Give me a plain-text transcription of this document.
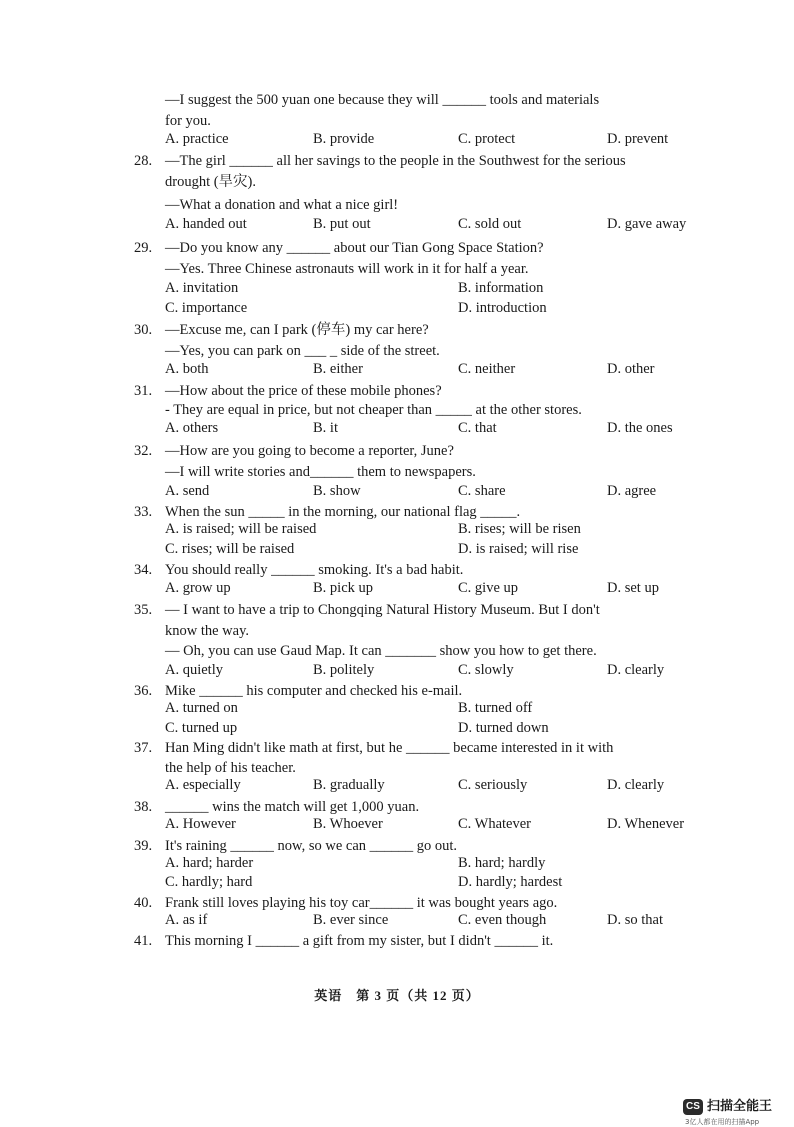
—I suggest the 500 yuan one because they will ______ tools and materials
for you.
A. practice	B. provide	C. protect	D. prevent
28. —The girl ______ all her savings to the people in the Southwest for the serious
drought (旱灾).
—What a donation and what a nice girl!
A. handed out	B. put out	C. sold out	D. gave away
29. —Do you know any ______ about our Tian Gong Space Station?
—Yes. Three Chinese astronauts will work in it for half a year.
A. invitation	B. information
C. importance	D. introduction
30. —Excuse me, can I park (停车) my car here?
—Yes, you can park on ___ _ side of the street.
A. both	B. either	C. neither	D. other
31. —How about the price of these mobile phones?
- They are equal in price, but not cheaper than _____ at the other stores.
A. others	B. it	C. that	D. the ones
32. —How are you going to become a reporter, June?
—I will write stories and______ them to newspapers.
A. send	B. show	C. share	D. agree
33. When the sun _____ in the morning, our national flag _____.
A. is raised; will be raised	B. rises; will be risen
C. rises; will be raised	D. is raised; will rise
34. You should really ______ smoking. It's a bad habit.
A. grow up	B. pick up	C. give up	D. set up
35. — I want to have a trip to Chongqing Natural History Museum. But I don't
know the way.
— Oh, you can use Gaud Map. It can _______ show you how to get there.
A. quietly	B. politely	C. slowly	D. clearly
36. Mike ______ his computer and checked his e-mail.
A. turned on	B. turned off
C. turned up	D. turned down
37. Han Ming didn't like math at first, but he ______ became interested in it with
the help of his teacher.
A. especially	B. gradually	C. seriously	D. clearly
38. ______ wins the match will get 1,000 yuan.
A. However	B. Whoever	C. Whatever	D. Whenever
39. It's raining ______ now, so we can ______ go out.
A. hard; harder	B. hard; hardly
C. hardly; hard	D. hardly; hardest
40. Frank still loves playing his toy car______ it was bought years ago.
A. as if	B. ever since	C. even though	D. so that
41. This morning I ______ a gift from my sister, but I didn't ______ it.
英语　第 3 页（共 12 页）
CS 扫描全能王
3亿人都在用的扫描App
